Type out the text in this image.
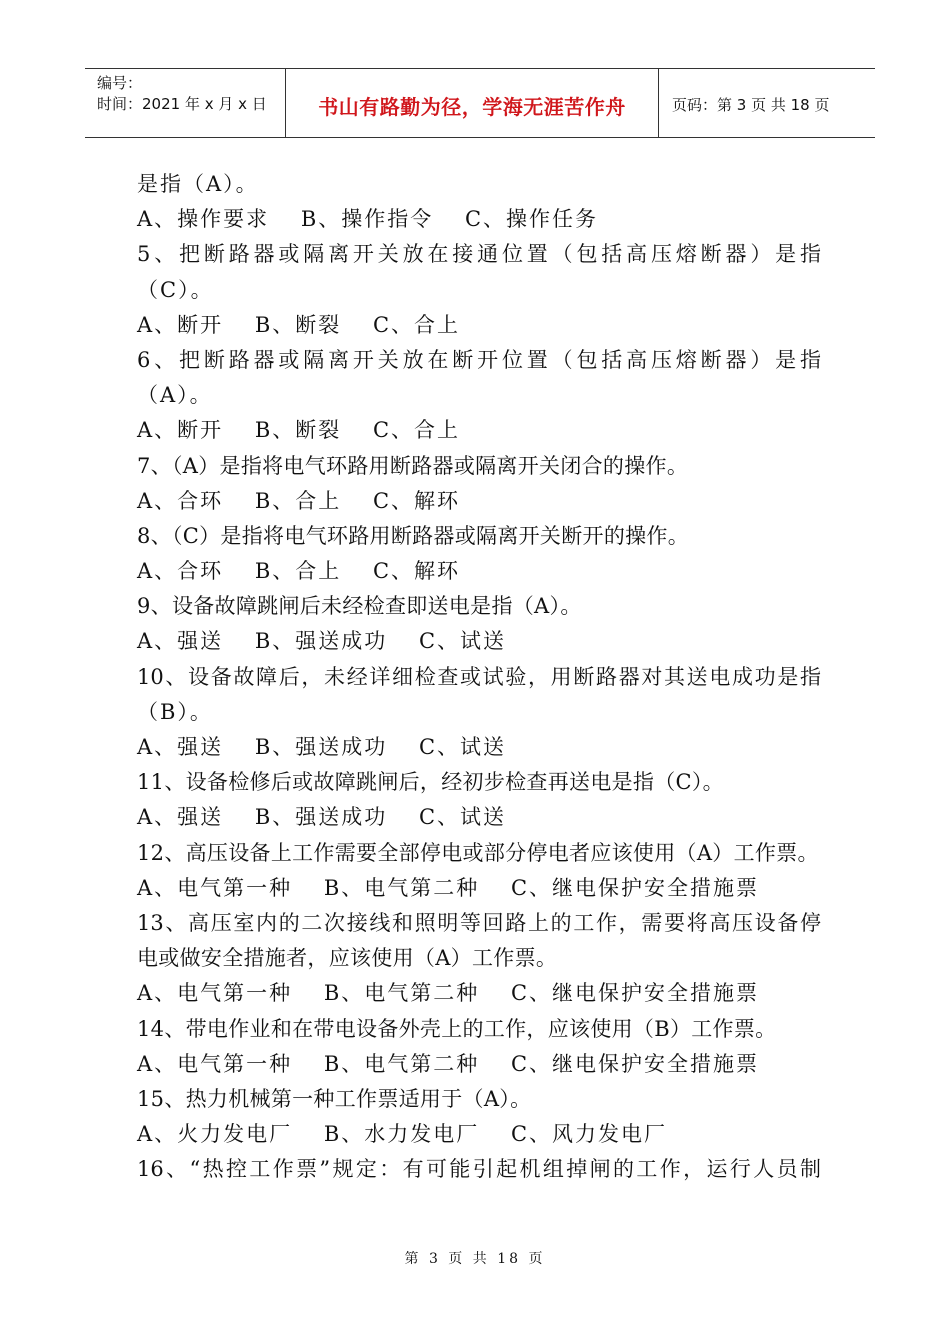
编号：
时间：2021 年 x 月 x 日	书山有路勤为径，学海无涯苦作舟	页码：第 3 页 共 18 页
是指（A）。
A、操作要求　 B、操作指令　 C、操作任务
5、把断路器或隔离开关放在接通位置（包括高压熔断器）是指
（C）。
A、断开　 B、断裂　 C、合上
6、把断路器或隔离开关放在断开位置（包括高压熔断器）是指
（A）。
A、断开　 B、断裂　 C、合上
7、（A）是指将电气环路用断路器或隔离开关闭合的操作。
A、合环　 B、合上　 C、解环
8、（C）是指将电气环路用断路器或隔离开关断开的操作。
A、合环　 B、合上　 C、解环
9、设备故障跳闸后未经检查即送电是指（A）。
A、强送　 B、强送成功　 C、试送
10、设备故障后，未经详细检查或试验，用断路器对其送电成功是指
（B）。
A、强送　 B、强送成功　 C、试送
11、设备检修后或故障跳闸后，经初步检查再送电是指（C）。
A、强送　 B、强送成功　 C、试送
12、高压设备上工作需要全部停电或部分停电者应该使用（A）工作票。
A、电气第一种　 B、电气第二种　 C、继电保护安全措施票
13、高压室内的二次接线和照明等回路上的工作，需要将高压设备停
电或做安全措施者，应该使用（A）工作票。
A、电气第一种　 B、电气第二种　 C、继电保护安全措施票
14、带电作业和在带电设备外壳上的工作，应该使用（B）工作票。
A、电气第一种　 B、电气第二种　 C、继电保护安全措施票
15、热力机械第一种工作票适用于（A）。
A、火力发电厂　 B、水力发电厂　 C、风力发电厂
16、“热控工作票”规定：有可能引起机组掉闸的工作，运行人员制
第 3 页 共 18 页
